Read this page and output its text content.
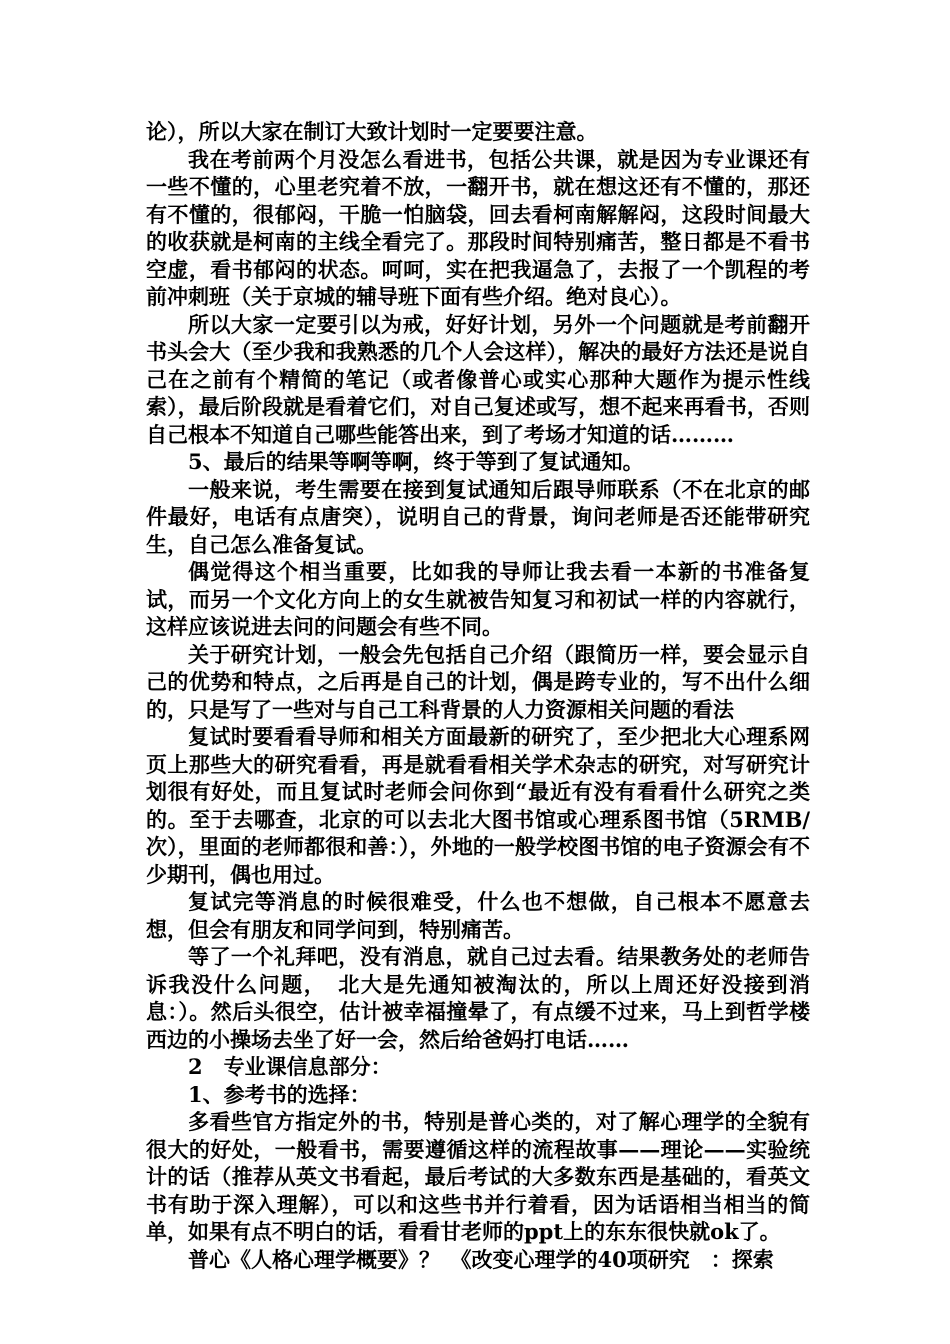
论），所以大家在制订大致计划时一定要要注意。

我在考前两个月没怎么看进书，包括公共课，就是因为专业课还有一些不懂的，心里老究着不放，一翻开书，就在想这还有不懂的，那还有不懂的，很郁闷，干脆一怕脑袋，回去看柯南解解闷，这段时间最大的收获就是柯南的主线全看完了。那段时间特别痛苦，整日都是不看书空虚，看书郁闷的状态。呵呵，实在把我逼急了，去报了一个凯程的考前冲刺班（关于京城的辅导班下面有些介绍。绝对良心）。

所以大家一定要引以为戒，好好计划，另外一个问题就是考前翻开书头会大（至少我和我熟悉的几个人会这样），解决的最好方法还是说自己在之前有个精简的笔记（或者像普心或实心那种大题作为提示性线索），最后阶段就是看着它们，对自己复述或写，想不起来再看书，否则自己根本不知道自己哪些能答出来，到了考场才知道的话………

5、最后的结果等啊等啊，终于等到了复试通知。

一般来说，考生需要在接到复试通知后跟导师联系（不在北京的邮件最好，电话有点唐突），说明自己的背景，询问老师是否还能带研究生，自己怎么准备复试。

偶觉得这个相当重要，比如我的导师让我去看一本新的书准备复试，而另一个文化方向上的女生就被告知复习和初试一样的内容就行，这样应该说进去问的问题会有些不同。

关于研究计划，一般会先包括自己介绍（跟简历一样，要会显示自己的优势和特点，之后再是自己的计划，偶是跨专业的，写不出什么细的，只是写了一些对与自己工科背景的人力资源相关问题的看法

复试时要看看导师和相关方面最新的研究了，至少把北大心理系网页上那些大的研究看看，再是就看看相关学术杂志的研究，对写研究计划很有好处，而且复试时老师会问你到“最近有没有看看什么研究之类的。至于去哪查，北京的可以去北大图书馆或心理系图书馆（5RMB/次），里面的老师都很和善：），外地的一般学校图书馆的电子资源会有不少期刊，偶也用过。

复试完等消息的时候很难受，什么也不想做，自己根本不愿意去想，但会有朋友和同学问到，特别痛苦。

等了一个礼拜吧，没有消息，就自己过去看。结果教务处的老师告诉我没什么问题，　北大是先通知被淘汰的，所以上周还好没接到消息：）。然后头很空，估计被幸福撞晕了，有点缓不过来，马上到哲学楼西边的小操场去坐了好一会，然后给爸妈打电话……

2　专业课信息部分：

1、参考书的选择：

多看些官方指定外的书，特别是普心类的，对了解心理学的全貌有很大的好处，一般看书，需要遵循这样的流程故事——理论——实验统计的话（推荐从英文书看起，最后考试的大多数东西是基础的，看英文书有助于深入理解），可以和这些书并行着看，因为话语相当相当的简单，如果有点不明白的话，看看甘老师的ppt上的东东很快就ok了。

普心《人格心理学概要》？　《改变心理学的40项研究　：探索
